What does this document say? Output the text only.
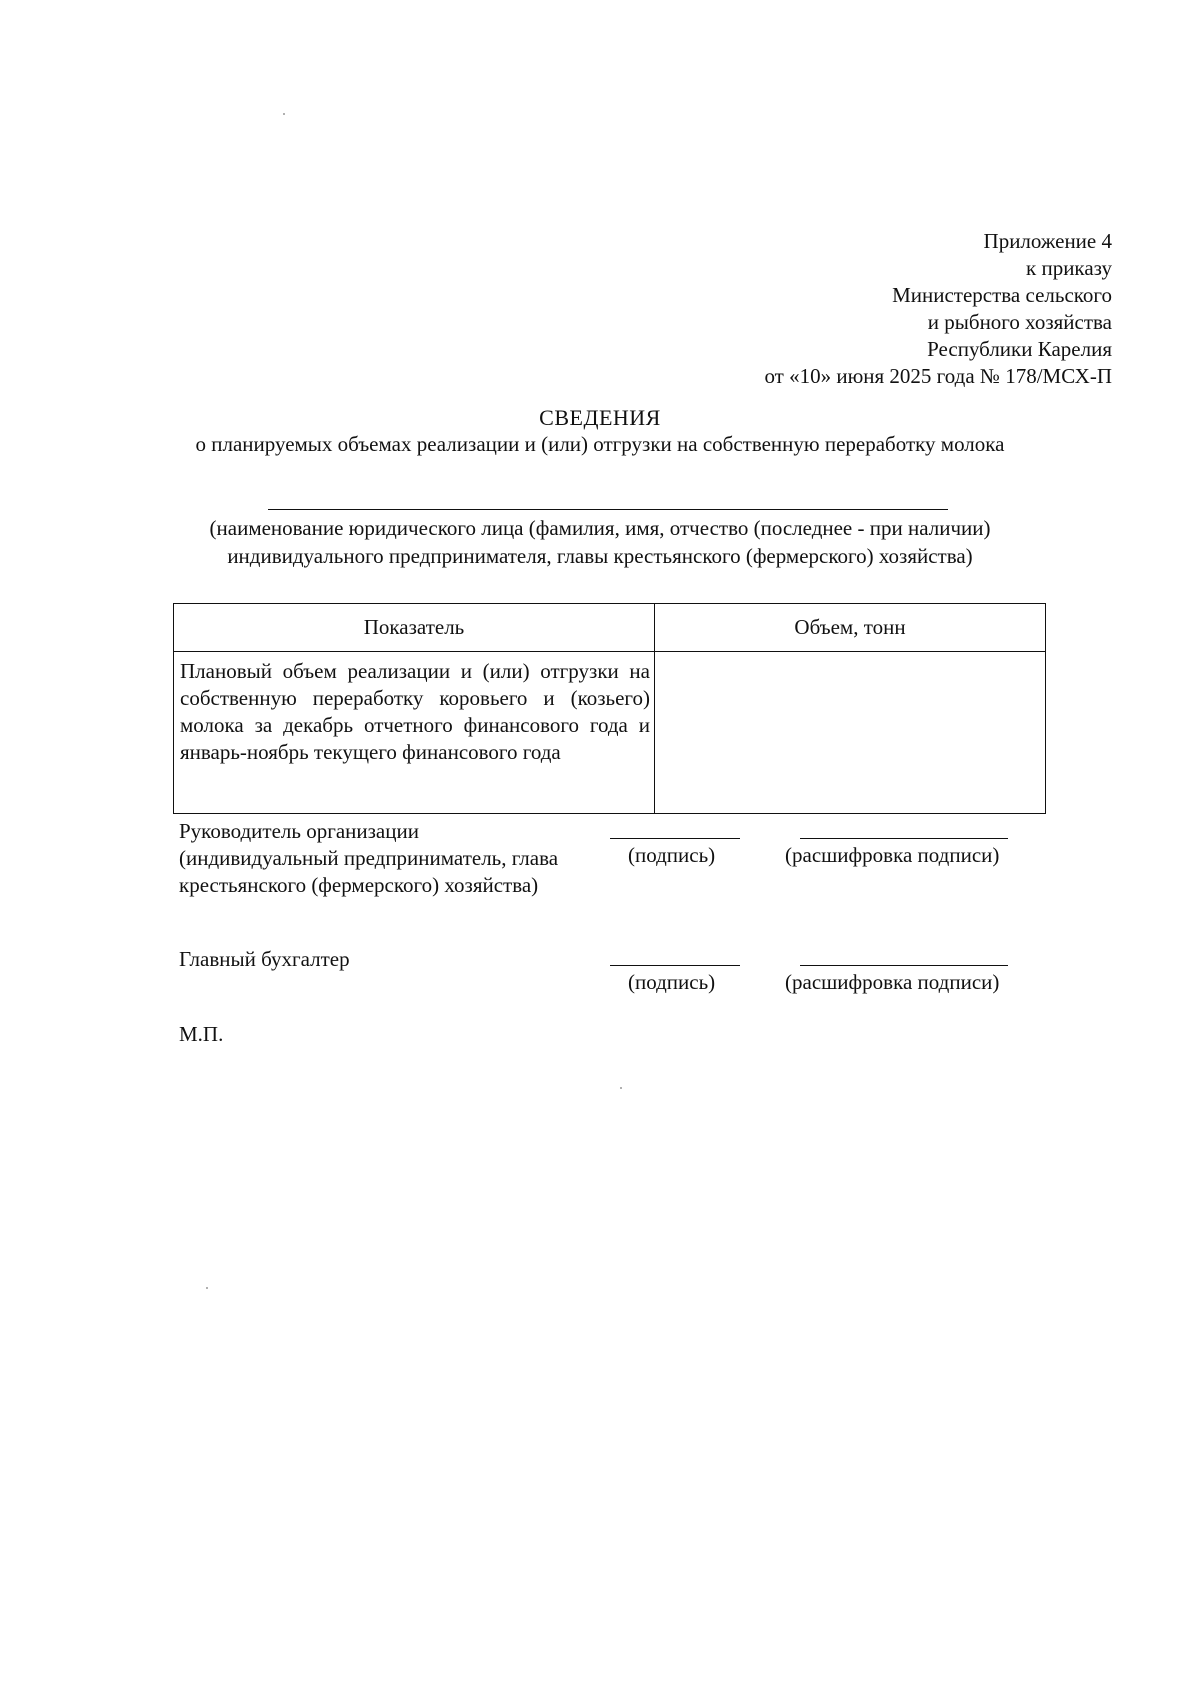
Приложение 4
к приказу
Министерства сельского
и рыбного хозяйства
Республики Карелия
от «10» июня 2025 года № 178/МСХ-П
СВЕДЕНИЯ
о планируемых объемах реализации и (или) отгрузки на собственную переработку молока
(наименование юридического лица (фамилия, имя, отчество (последнее - при наличии) индивидуального предпринимателя, главы крестьянского (фермерского) хозяйства)
Показатель	Объем, тонн
Плановый объем реализации и (или) отгрузки на собственную переработку коровьего и (козьего) молока за декабрь отчетного финансового года и январь-ноябрь текущего финансового года	
Руководитель организации (индивидуальный предприниматель, глава крестьянского (фермерского) хозяйства)
(подпись)	(расшифровка подписи)
Главный бухгалтер
(подпись)	(расшифровка подписи)
М.П.
